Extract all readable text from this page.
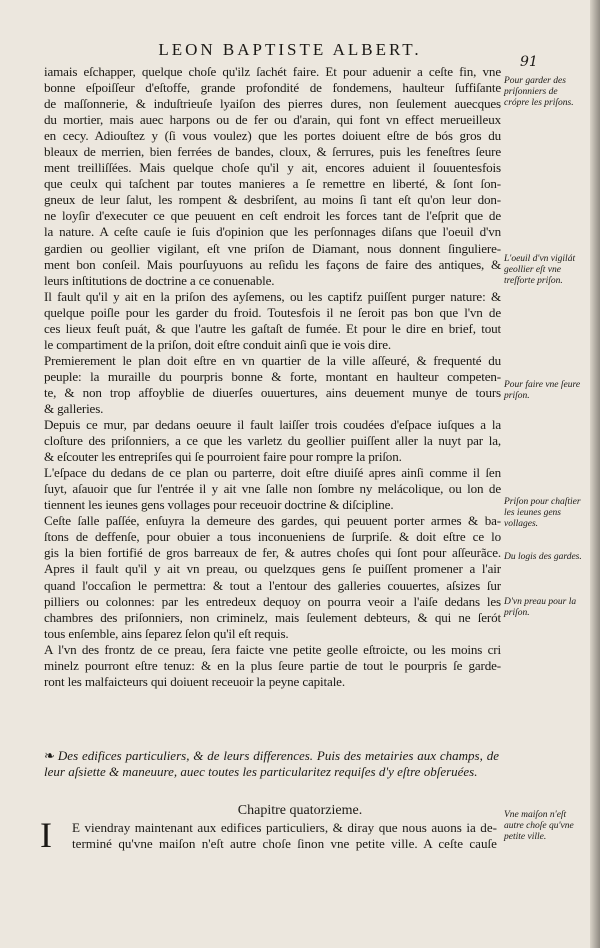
LEON BAPTISTE ALBERT.
91
iamais eſchapper, quelque choſe qu'ilz ſachét faire. Et pour aduenir a ceſte fin, vne
bonne eſpoiſſeur d'eſtoffe, grande profondité de fondemens, haulteur ſuffiſante
de maſſonnerie, & induſtrieuſe lyaiſon des pierres dures, non ſeulement auecques
du mortier, mais auec harpons ou de fer ou d'arain, qui font vn effect merueilleux
en cecy. Adiouſtez y (ſi vous voulez) que les portes doiuent eſtre de bós gros du
bleaux de merrien, bien ferrées de bandes, cloux, & ſerrures, puis les feneſtres ſeure
ment treilliſſées. Mais quelque choſe qu'il y ait, encores aduient il ſouuentesfois
que ceulx qui taſchent par toutes manieres a ſe remettre en liberté, & ſont ſon-
gneux de leur ſalut, les rompent & desbriſent, au moins ſi tant eſt qu'on leur don-
ne loyſir d'executer ce que peuuent en ceſt endroit les forces tant de l'eſprit que de
la nature. A ceſte cauſe ie ſuis d'opinion que les perſonnages diſans que l'oeuil d'vn
gardien ou geollier vigilant, eſt vne priſon de Diamant, nous donnent ſinguliere-
ment bon conſeil. Mais pourſuyuons au reſidu les façons de faire des antiques, &
leurs inſtitutions de doctrine a ce conuenable.
Il fault qu'il y ait en la priſon des ayſemens, ou les captifz puiſſent purger nature: &
quelque poiſle pour les garder du froid. Toutesfois il ne ſeroit pas bon que l'vn de
ces lieux feuſt puát, & que l'autre les gaſtaſt de fumée. Et pour le dire en brief, tout
le compartiment de la priſon, doit eſtre conduit ainſi que ie vois dire.
Premierement le plan doit eſtre en vn quartier de la ville aſſeuré, & frequenté du
peuple: la muraille du pourpris bonne & forte, montant en haulteur competen-
te, & non trop affoyblie de diuerſes ouuertures, ains deuement munye de tours
& galleries.
Depuis ce mur, par dedans oeuure il fault laiſſer trois coudées d'eſpace iuſques a la
cloſture des priſonniers, a ce que les varletz du geollier puiſſent aller la nuyt par la,
& eſcouter les entrepriſes qui ſe pourroient faire pour rompre la priſon.
L'eſpace du dedans de ce plan ou parterre, doit eſtre diuiſé apres ainſi comme il ſen
ſuyt, aſauoir que ſur l'entrée il y ait vne ſalle non ſombre ny melácolique, ou lon de
tiennent les ieunes gens vollages pour receuoir doctrine & diſcipline.
Ceſte ſalle paſſée, enſuyra la demeure des gardes, qui peuuent porter armes & ba-
ſtons de deffenſe, pour obuier a tous inconueniens de ſurpriſe. & doit eſtre ce lo
gis la bien fortifié de gros barreaux de fer, & autres choſes qui ſont pour aſſeurãce.
Apres il fault qu'il y ait vn preau, ou quelzques gens ſe puiſſent promener a l'air
quand l'occaſion le permettra: & tout a l'entour des galleries couuertes, aſsizes ſur
pilliers ou colonnes: par les entredeux dequoy on pourra veoir a l'aiſe dedans les
chambres des priſonniers, non criminelz, mais ſeulement debteurs, & qui ne ſerót
tous enſemble, ains ſeparez ſelon qu'il eſt requis.
A l'vn des frontz de ce preau, ſera faicte vne petite geolle eſtroicte, ou les moins cri
minelz pourront eſtre tenuz: & en la plus ſeure partie de tout le pourpris ſe garde-
ront les malfaicteurs qui doiuent receuoir la peyne capitale.
Pour garder des priſonniers de crópre les priſons.
L'oeuil d'vn vigilát geollier eſt vne treſforte priſon.
Pour faire vne ſeure priſon.
Priſon pour chaſtier les ieunes gens vollages.
Du logis des gardes.
D'vn preau pour la priſon.
Vne maiſon n'eſt autre choſe qu'vne petite ville.
❧ Des edifices particuliers, & de leurs differences. Puis des metairies aux champs, de
leur aſsiette & maneuure, auec toutes les particularitez requiſes d'y eſtre obſeruées.
Chapitre quatorzieme.
I E viendray maintenant aux edifices particuliers, & diray que nous auons ia de-
terminé qu'vne maiſon n'eſt autre choſe ſinon vne petite ville. A ceſte cauſe
